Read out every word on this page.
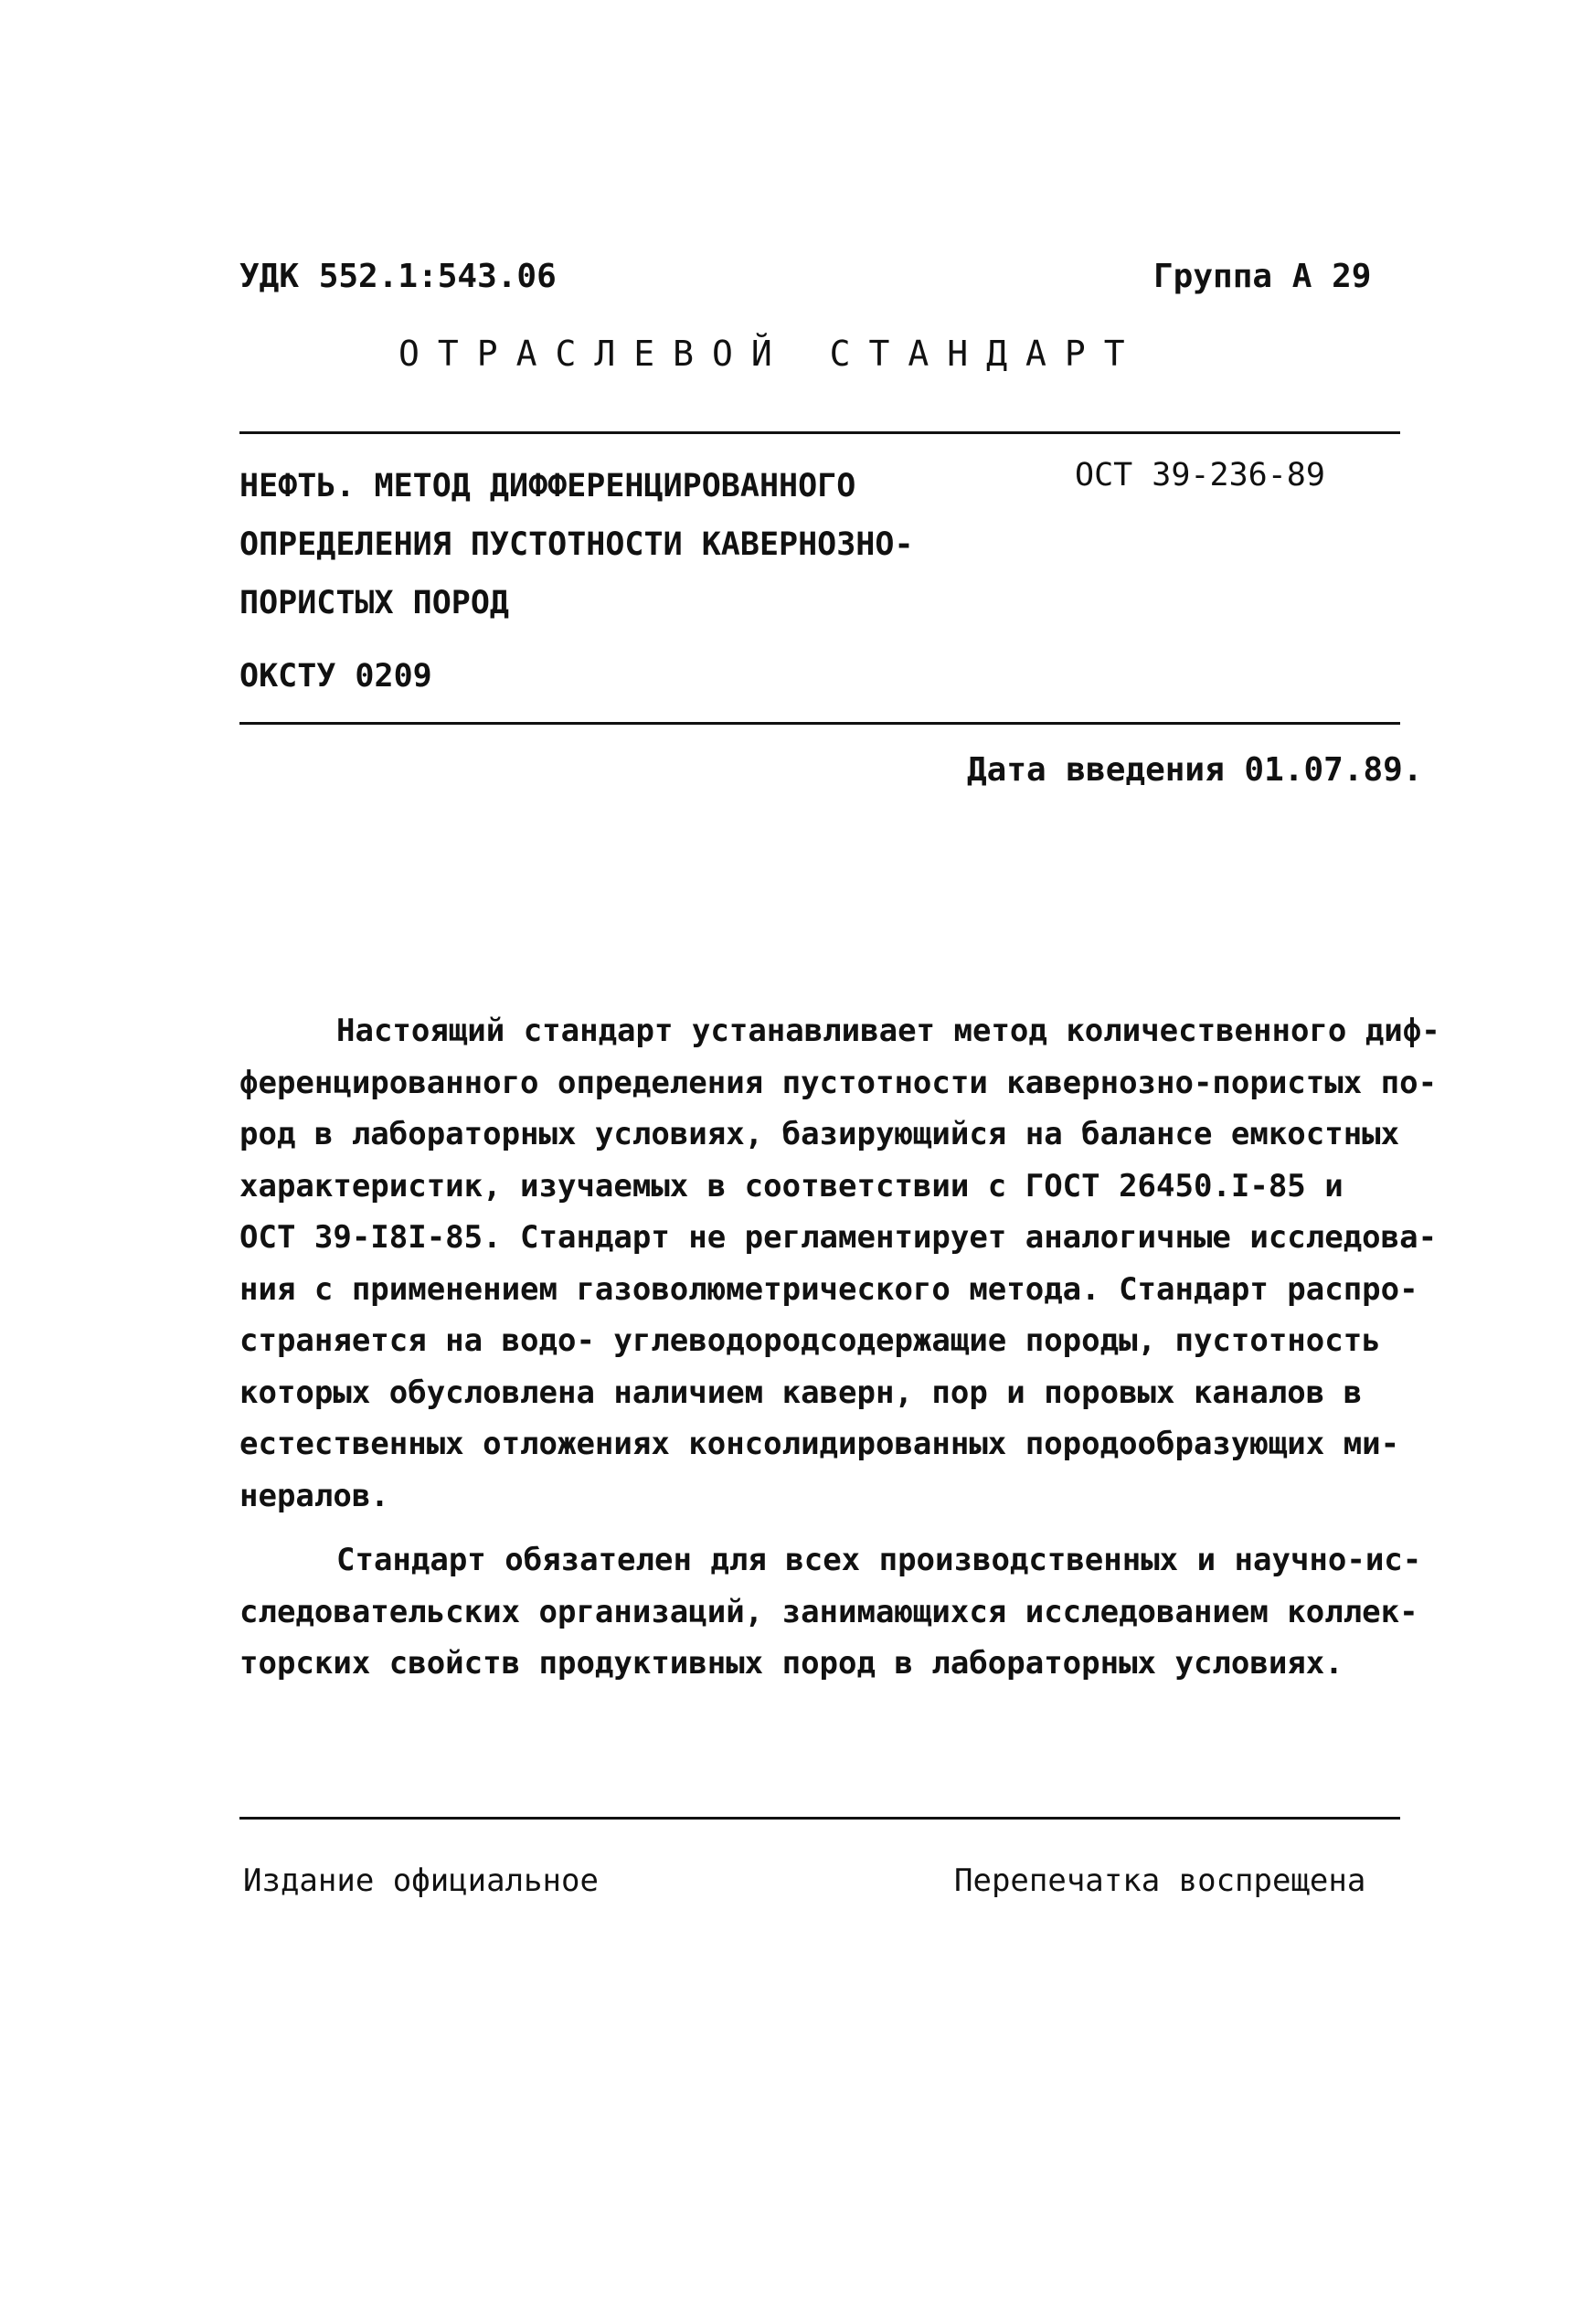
УДК 552.1:543.06	Группа А 29
ОТРАСЛЕВОЙ СТАНДАРТ
НЕФТЬ. МЕТОД ДИФФЕРЕНЦИРОВАННОГО
ОПРЕДЕЛЕНИЯ ПУСТОТНОСТИ КАВЕРНОЗНО-
ПОРИСТЫХ ПОРОД
ОСТ 39-236-89
ОКСТУ 0209
Дата введения 01.07.89.
Настоящий стандарт устанавливает метод количественного диф-
ференцированного определения пустотности кавернозно-пористых по-
род в лабораторных условиях, базирующийся на балансе емкостных
характеристик, изучаемых в соответствии с ГОСТ 26450.I-85 и
ОСТ 39-I8I-85. Стандарт не регламентирует аналогичные исследова-
ния с применением газоволюметрического метода. Стандарт распро-
страняется на водо- углеводородсодержащие породы, пустотность
которых обусловлена наличием каверн, пор и поровых каналов в
естественных отложениях консолидированных породообразующих ми-
нералов.
Стандарт обязателен для всех производственных и научно-ис-
следовательских организаций, занимающихся исследованием коллек-
торских свойств продуктивных пород в лабораторных условиях.
Издание официальное	Перепечатка воспрещена
